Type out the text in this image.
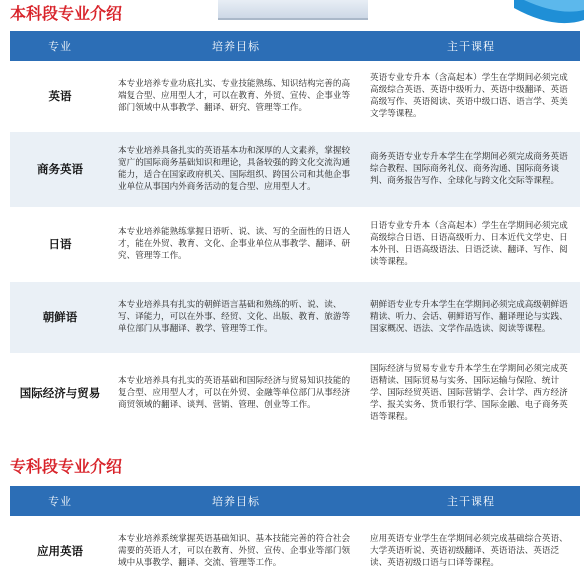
本科段专业介绍
专业	培养目标	主干课程
英语	本专业培养专业功底扎实、专业技能熟练、知识结构完善的高端复合型、应用型人才，可以在教育、外贸、宣传、企事业等部门领域中从事教学、翻译、研究、管理等工作。	英语专业专升本（含高起本）学生在学期间必须完成高级综合英语、英语中级听力、英语中级翻译、英语高级写作、英语阅读、英语中级口语、语言学、英美文学等课程。
商务英语	本专业培养具备扎实的英语基本功和深厚的人文素养，掌握较宽广的国际商务基础知识和理论，具备较强的跨文化交流沟通能力，适合在国家政府机关、国际组织、跨国公司和其他企事业单位从事国内外商务活动的复合型、应用型人才。	商务英语专业专升本学生在学期间必须完成商务英语综合教程、国际商务礼仪、商务沟通、国际商务谈判、商务报告写作、全球化与跨文化交际等课程。
日语	本专业培养能熟练掌握日语听、说、读、写的全面性的日语人才，能在外贸、教育、文化、企事业单位从事教学、翻译、研究、管理等工作。	日语专业专升本（含高起本）学生在学期间必须完成高级综合日语、日语高级听力、日本近代文学史、日本外刊、日语高级语法、日语泛读、翻译、写作、阅读等课程。
朝鲜语	本专业培养具有扎实的朝鲜语言基础和熟练的听、说、读、写、译能力，可以在外事、经贸、文化、出版、教育、旅游等单位部门从事翻译、教学、管理等工作。	朝鲜语专业专升本学生在学期间必须完成高级朝鲜语精读、听力、会话、朝鲜语写作、翻译理论与实践、国家概况、语法、文学作品选读、阅读等课程。
国际经济与贸易	本专业培养具有扎实的英语基础和国际经济与贸易知识技能的复合型、应用型人才，可以在外贸、金融等单位部门从事经济商贸领域的翻译、谈判、营销、管理、创业等工作。	国际经济与贸易专业专升本学生在学期间必须完成英语精读、国际贸易与实务、国际运输与保险、统计学、国际经贸英语、国际营销学、会计学、西方经济学、报关实务、货币银行学、国际金融、电子商务英语等课程。
专科段专业介绍
专业	培养目标	主干课程
应用英语	本专业培养系统掌握英语基础知识、基本技能完善的符合社会需要的英语人才，可以在教育、外贸、宣传、企事业等部门领域中从事教学、翻译、交流、管理等工作。	应用英语专业学生在学期间必须完成基础综合英语、大学英语听说、英语初级翻译、英语语法、英语泛读、英语初级口语与口译等课程。
